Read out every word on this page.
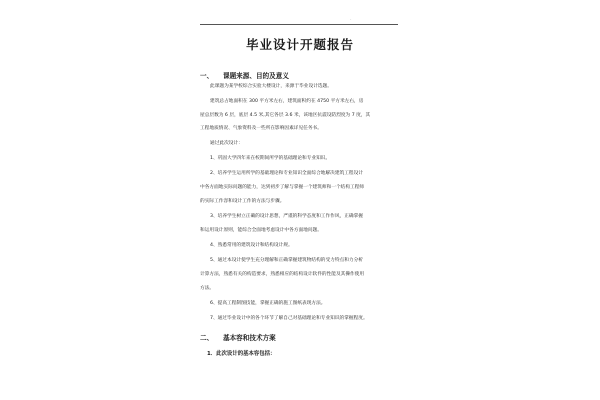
·
毕业设计开题报告
一、 课题来源、目的及意义
此课题为某学校综合实验大楼设计，来源于毕业设计选题。
建筑总占地面积在 300 平方米左右，建筑面积约在 4750 平方米左右，房
屋总层数为 6 层，底层 4.5 米,其它各层 3.6 米，该地区抗震设防烈度为 7 度，其
工程地质情况、气象资料及一些所在影响因素详见任务书。
通过此次设计：
1、巩固大学四年来在校期间所学的基础理论和专业知识。
2、培养学生运用所学的基础理论和专业知识全面综合地解决建筑工程设计
中各方面地实际问题的能力，达到初步了解与掌握一个建筑师和一个结构工程师
的实际工作容和设计工作的方法与步骤。
3、培养学生树立正确的设计思想，严谨的科学态度和工作作风，正确掌握
和运用设计原则，能综合全面地考虑设计中各方面地问题。
4、熟悉常用的建筑设计和结构设计规。
5、通过本设计使学生充分理解和正确掌握建筑物结构的受力特点和力分析
计算方法，熟悉有关的构造要求，熟悉相应的结构设计软件的性能及其操作使用
方法。
6、提高工程制图技能，掌握正确的施工图纸表现方法。
7、通过毕业设计中的各个环节了解自己对基础理论和专业知识的掌握程度。
二、 基本容和技术方案
1．此次设计的基本容包括：
